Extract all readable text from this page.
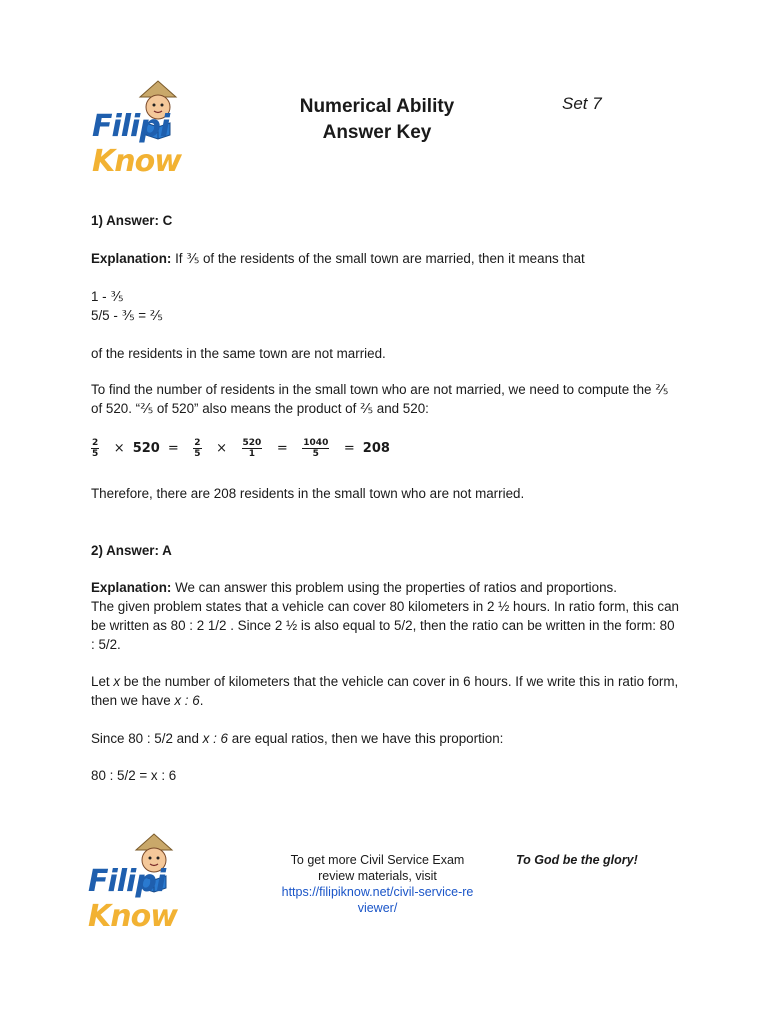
FilipiKnow
Numerical Ability
Answer Key
Set 7
1) Answer: C
Explanation: If ⅗ of the residents of the small town are married, then it means that
1 - ⅗
5/5 - ⅗ = ⅖
of the residents in the same town are not married.
To find the number of residents in the small town who are not married, we need to compute the ⅖ of 520. “⅖ of 520” also means the product of ⅖ and 520:
$\frac{2}{5} \times 520 = \frac{2}{5} \times \frac{520}{1} = \frac{1040}{5} = 208$
Therefore, there are 208 residents in the small town who are not married.
2) Answer: A
Explanation: We can answer this problem using the properties of ratios and proportions.
The given problem states that a vehicle can cover 80 kilometers in 2 ½ hours. In ratio form, this can be written as 80 : 2 1/2 . Since 2 ½ is also equal to 5/2, then the ratio can be written in the form: 80 : 5/2.
Let x be the number of kilometers that the vehicle can cover in 6 hours. If we write this in ratio form, then we have x : 6.
Since 80 : 5/2 and x : 6 are equal ratios, then we have this proportion:
80 : 5/2 = x : 6
FilipiKnow
To get more Civil Service Exam review materials, visit
https://filipiknow.net/civil-service-reviewer/
To God be the glory!
